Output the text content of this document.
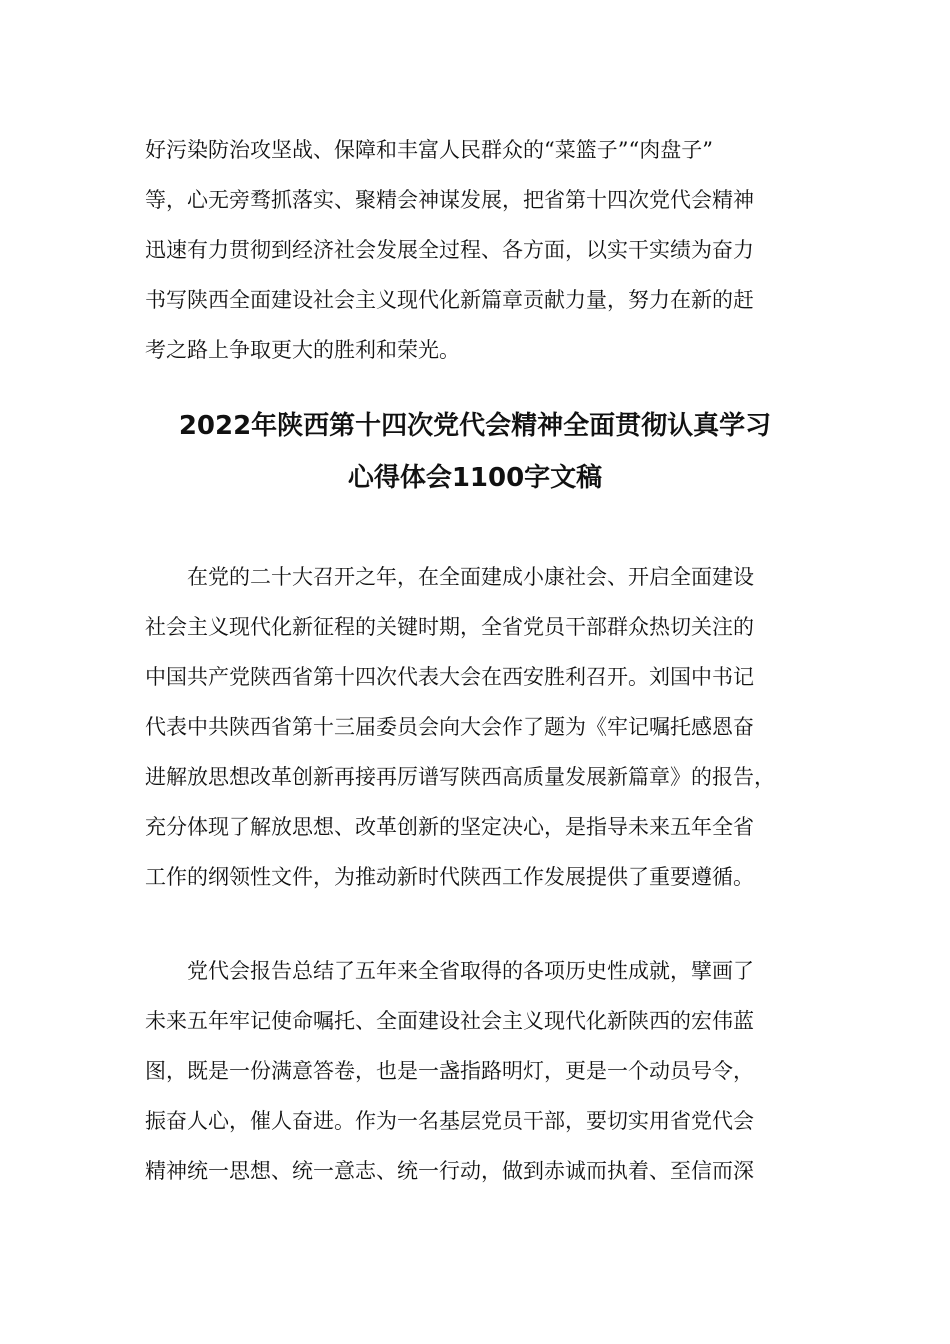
好污染防治攻坚战、保障和丰富人民群众的“菜篮子”“肉盘子”
等，心无旁骛抓落实、聚精会神谋发展，把省第十四次党代会精神
迅速有力贯彻到经济社会发展全过程、各方面，以实干实绩为奋力
书写陕西全面建设社会主义现代化新篇章贡献力量，努力在新的赶
考之路上争取更大的胜利和荣光。
2022年陕西第十四次党代会精神全面贯彻认真学习
心得体会1100字文稿
在党的二十大召开之年，在全面建成小康社会、开启全面建设
社会主义现代化新征程的关键时期，全省党员干部群众热切关注的
中国共产党陕西省第十四次代表大会在西安胜利召开。刘国中书记
代表中共陕西省第十三届委员会向大会作了题为《牢记嘱托感恩奋
进解放思想改革创新再接再厉谱写陕西高质量发展新篇章》的报告，
充分体现了解放思想、改革创新的坚定决心，是指导未来五年全省
工作的纲领性文件，为推动新时代陕西工作发展提供了重要遵循。
党代会报告总结了五年来全省取得的各项历史性成就，擘画了
未来五年牢记使命嘱托、全面建设社会主义现代化新陕西的宏伟蓝
图，既是一份满意答卷，也是一盏指路明灯，更是一个动员号令，
振奋人心，催人奋进。作为一名基层党员干部，要切实用省党代会
精神统一思想、统一意志、统一行动，做到赤诚而执着、至信而深
